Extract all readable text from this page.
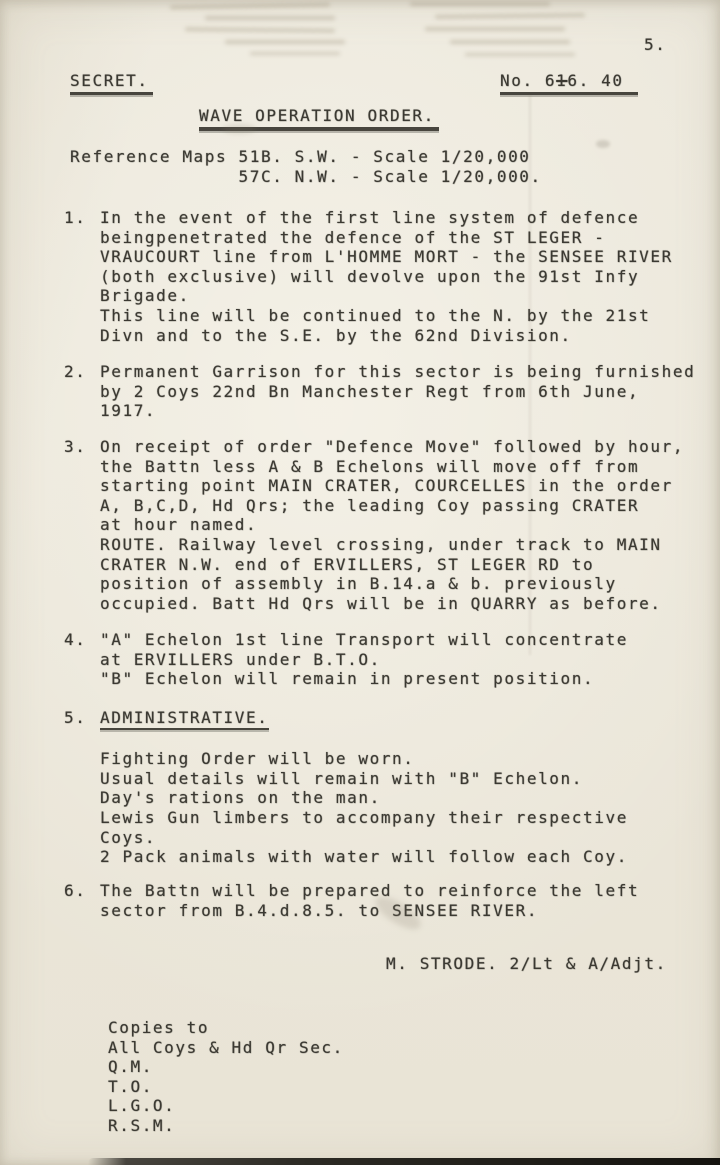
5.
SECRET.	No. 616. 40
WAVE OPERATION ORDER.
Reference Maps 51B. S.W. - Scale 1/20,000
57C. N.W. - Scale 1/20,000.
1. In the event of the first line system of defence
beingpenetrated the defence of the ST LEGER -
VRAUCOURT line from L'HOMME MORT - the SENSEE RIVER
(both exclusive) will devolve upon the 91st Infy
Brigade.
This line will be continued to the N. by the 21st
Divn and to the S.E. by the 62nd Division.
2. Permanent Garrison for this sector is being furnished
by 2 Coys 22nd Bn Manchester Regt from 6th June,
1917.
3. On receipt of order "Defence Move" followed by hour,
the Battn less A & B Echelons will move off from
starting point MAIN CRATER, COURCELLES in the order
A, B,C,D, Hd Qrs; the leading Coy passing CRATER
at hour named.
ROUTE. Railway level crossing, under track to MAIN
CRATER N.W. end of ERVILLERS, ST LEGER RD to
position of assembly in B.14.a & b. previously
occupied. Batt Hd Qrs will be in QUARRY as before.
4. "A" Echelon 1st line Transport will concentrate
at ERVILLERS under B.T.O.
"B" Echelon will remain in present position.
5. ADMINISTRATIVE.

Fighting Order will be worn.
Usual details will remain with "B" Echelon.
Day's rations on the man.
Lewis Gun limbers to accompany their respective
Coys.
2 Pack animals with water will follow each Coy.
6. The Battn will be prepared to reinforce the left
sector from B.4.d.8.5. to SENSEE RIVER.
M. STRODE. 2/Lt & A/Adjt.
Copies to
All Coys & Hd Qr Sec.
Q.M.
T.O.
L.G.O.
R.S.M.
